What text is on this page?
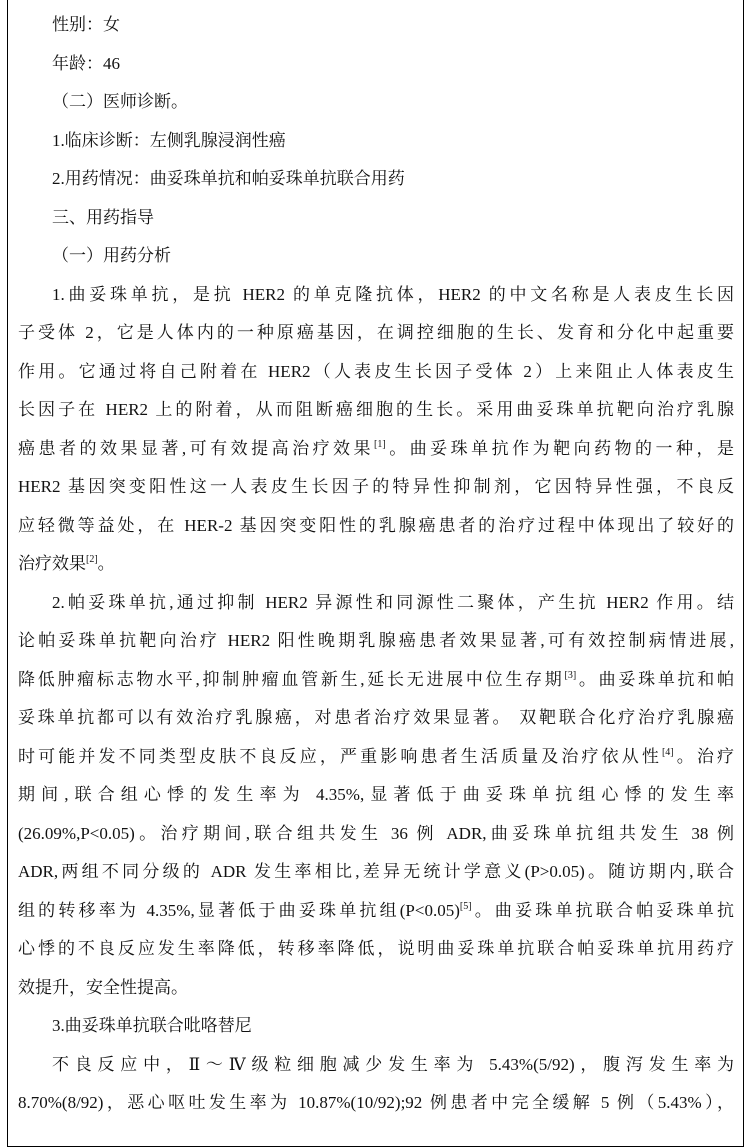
性别：女
年龄：46
（二）医师诊断。
1.临床诊断：左侧乳腺浸润性癌
2.用药情况：曲妥珠单抗和帕妥珠单抗联合用药
三、用药指导
（一）用药分析
1.曲妥珠单抗，是抗 HER2 的单克隆抗体，HER2 的中文名称是人表皮生长因
子受体 2，它是人体内的一种原癌基因，在调控细胞的生长、发育和分化中起重要
作用。它通过将自己附着在 HER2（人表皮生长因子受体 2）上来阻止人体表皮生
长因子在 HER2 上的附着，从而阻断癌细胞的生长。采用曲妥珠单抗靶向治疗乳腺
癌患者的效果显著,可有效提高治疗效果[1]。曲妥珠单抗作为靶向药物的一种，是
HER2 基因突变阳性这一人表皮生长因子的特异性抑制剂，它因特异性强，不良反
应轻微等益处，在 HER-2 基因突变阳性的乳腺癌患者的治疗过程中体现出了较好的
治疗效果[2]。
2.帕妥珠单抗,通过抑制 HER2 异源性和同源性二聚体，产生抗 HER2 作用。结
论帕妥珠单抗靶向治疗 HER2 阳性晚期乳腺癌患者效果显著,可有效控制病情进展,
降低肿瘤标志物水平,抑制肿瘤血管新生,延长无进展中位生存期[3]。曲妥珠单抗和帕
妥珠单抗都可以有效治疗乳腺癌，对患者治疗效果显著。 双靶联合化疗治疗乳腺癌
时可能并发不同类型皮肤不良反应，严重影响患者生活质量及治疗依从性[4]。治疗
期间,联合组心悸的发生率为 4.35%,显著低于曲妥珠单抗组心悸的发生率
(26.09%,P<0.05)。治疗期间,联合组共发生 36 例 ADR,曲妥珠单抗组共发生 38 例
ADR,两组不同分级的 ADR 发生率相比,差异无统计学意义(P>0.05)。随访期内,联合
组的转移率为 4.35%,显著低于曲妥珠单抗组(P<0.05)[5]。曲妥珠单抗联合帕妥珠单抗
心悸的不良反应发生率降低，转移率降低，说明曲妥珠单抗联合帕妥珠单抗用药疗
效提升，安全性提高。
3.曲妥珠单抗联合吡咯替尼
不良反应中，Ⅱ～Ⅳ级粒细胞减少发生率为 5.43%(5/92)，腹泻发生率为
8.70%(8/92)，恶心呕吐发生率为 10.87%(10/92);92 例患者中完全缓解 5 例（5.43%），
